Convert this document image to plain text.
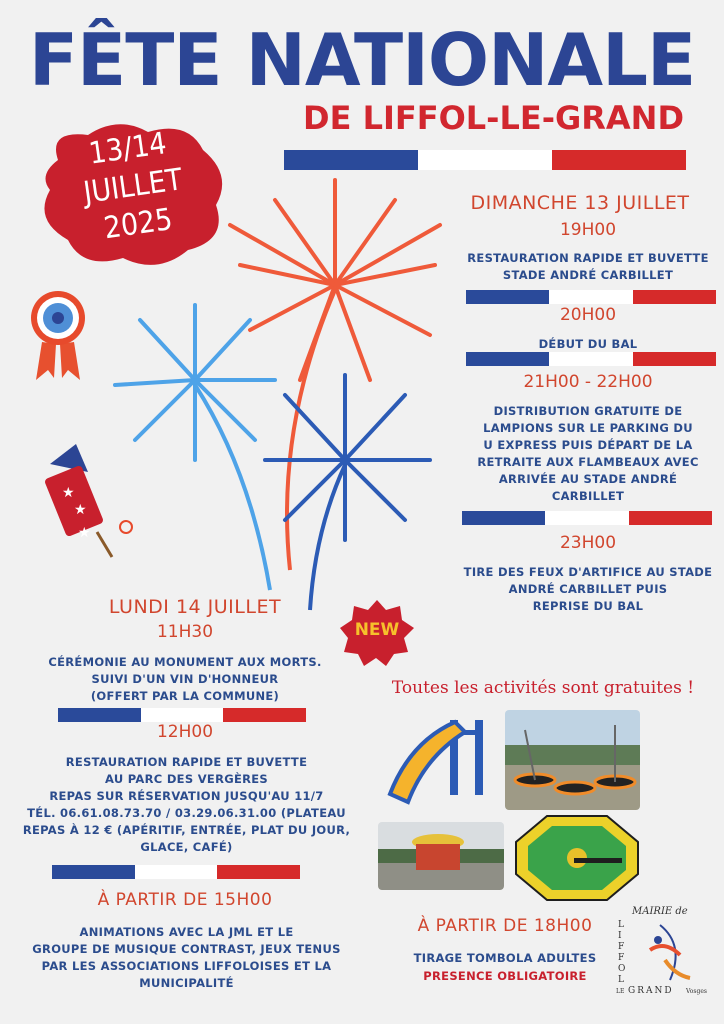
FÊTE NATIONALE
DE LIFFOL-LE-GRAND
13/14
JUILLET
2025
★
★
★
DIMANCHE 13 JUILLET
19H00
RESTAURATION RAPIDE ET BUVETTE
STADE ANDRÉ CARBILLET
20H00
DÉBUT DU BAL
21H00 - 22H00
DISTRIBUTION GRATUITE DE
LAMPIONS SUR LE PARKING DU
U EXPRESS PUIS DÉPART DE LA
RETRAITE AUX FLAMBEAUX AVEC
ARRIVÉE AU STADE ANDRÉ
CARBILLET
23H00
TIRE DES FEUX D'ARTIFICE AU STADE
ANDRÉ CARBILLET PUIS
REPRISE DU BAL
LUNDI 14 JUILLET
11H30
CÉRÉMONIE AU MONUMENT AUX MORTS.
SUIVI D'UN VIN D'HONNEUR
(OFFERT PAR LA COMMUNE)
12H00
RESTAURATION RAPIDE ET BUVETTE
AU PARC DES VERGÈRES
REPAS SUR RÉSERVATION JUSQU'AU 11/7
TÉL. 06.61.08.73.70 / 03.29.06.31.00 (PLATEAU
REPAS À 12 € (APÉRITIF, ENTRÉE, PLAT DU JOUR,
GLACE, CAFÉ)
À PARTIR DE 15H00
ANIMATIONS AVEC LA JML ET LE
GROUPE DE MUSIQUE CONTRAST, JEUX TENUS
PAR LES ASSOCIATIONS LIFFOLOISES ET LA
MUNICIPALITÉ
NEW
Toutes les activités sont gratuites !
À PARTIR DE 18H00
TIRAGE TOMBOLA ADULTES
PRESENCE OBLIGATOIRE
MAIRIE de
LIFFOL
LE GRAND Vosges
